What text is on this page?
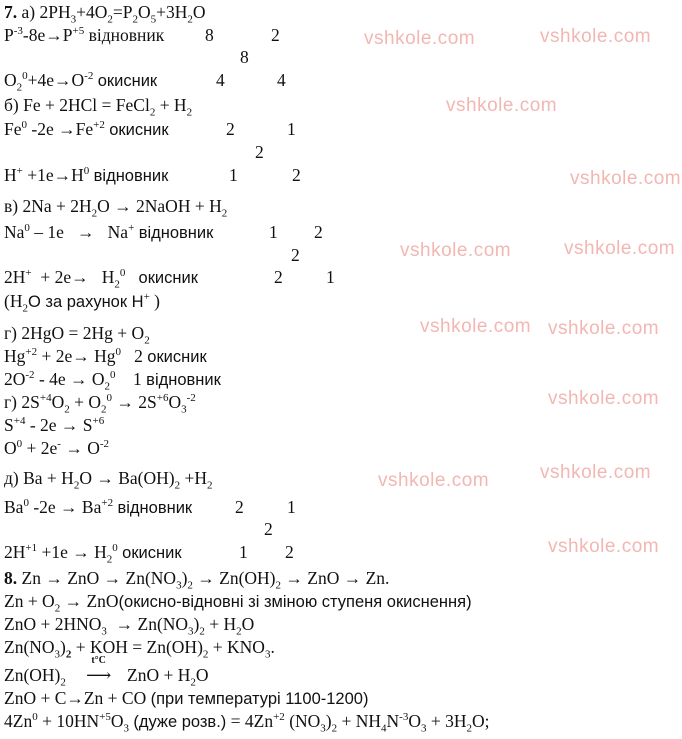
vshkole.com	vshkole.com
vshkole.com
vshkole.com
vshkole.com	vshkole.com
vshkole.com vshkole.com
vshkole.com
vshkole.com	vshkole.com
vshkole.com
7. а) $2PH_3+4O_2=P_2O_5+3H_2O$
$P^{-3}-8e\to P^{+5}$ відновник 8	2
8
$O_2^0+4e\to O^{-2}$ окисник	4	4
б) Fe + 2HCl = FeCl$_2$ + $H_2$
Fe$^0$ $-2e \to Fe^{+2}$ окисник	2	1
2
$H^+ +1e\to H^0$ відновник	1	2
в) $2Na + 2H_2O$ → 2NaOH + $H_2$
Na$^0$ – 1e   →   Na+ відновник	1 2
2
$2H^+ + 2e\to H_2^0$ окисник	2 1
($H_2O$ за рахунок H+ )
г) $2HgO = 2Hg + O_2$
$Hg^{+2} + 2e\to Hg^0$   2 окисник
$2O^{-2} - 4e \to O_2^0$    1 відновник
г) $2S^{+4}O_2 + O_2^0 \to 2S^{+6}O_3^{-2}$
$S^{+4} - 2e \to S^{+6}$
$O^0 + 2e^- \to O^{-2}$
д) $Ba + H_2O \to Ba(OH)_2 +H_2$
Ba$^0$ $-2e \to Ba^{+2}$ відновник 2 1
2
$2H^{+1} +1e \to H_2^0$ окисник	1 2
8. Zn → ZnO → $Zn(NO_3)_2 \to Zn(OH)_2$ → ZnO → Zn.
$Zn + O_2$ → ZnO(окисно-відновні зі зміною ступеня окиснення)
ZnO + $2HNO_3 \to Zn(NO_3)_2 + H_2O$
$Zn(NO_3)_2$ + KOH = $Zn(OH)_2 + KNO_3$.
$Zn(OH)_2$
t°C
⟶ ZnO + $H_2O$
ZnO + C→Zn + CO (при температурі 1100-1200)
$4Zn^0 + 10HN^{+5}O_3$ (дуже розв.) = $4Zn^{+2}$ $(NO_3)_2 + NH_4N^{-3}O_3 + 3H_2O$;
